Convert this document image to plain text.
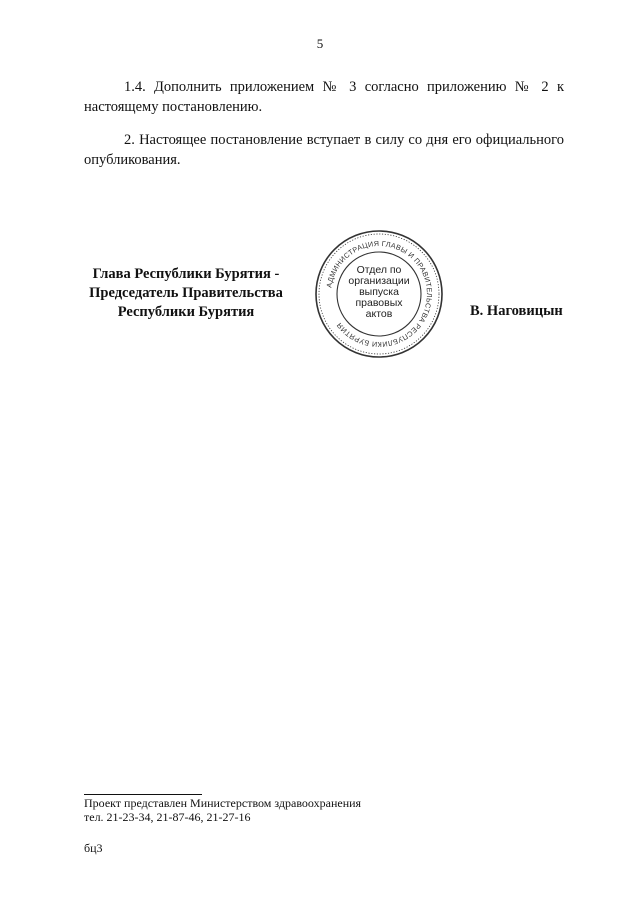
5
1.4. Дополнить приложением № 3 согласно приложению № 2 к настоящему постановлению.
2. Настоящее постановление вступает в силу со дня его официального опубликования.
Глава Республики Бурятия -
Председатель Правительства
Республики Бурятия
АДМИНИСТРАЦИЯ ГЛАВЫ И ПРАВИТЕЛЬСТВА РЕСПУБЛИКИ БУРЯТИЯ
Отдел по
организации
выпуска
правовых
актов	В. Наговицын
Проект представлен Министерством здравоохранения
тел. 21-23-34, 21-87-46, 21-27-16
бц3
